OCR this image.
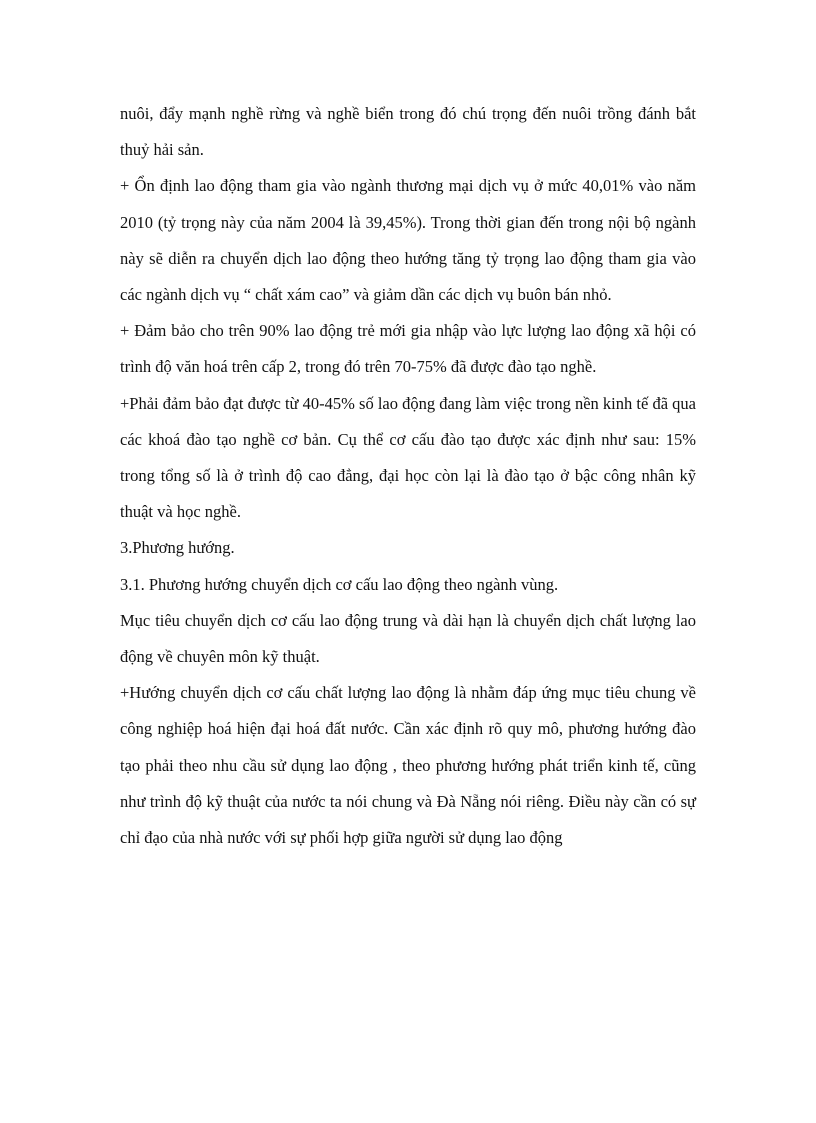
nuôi, đẩy mạnh nghề rừng và nghề biển trong đó chú trọng đến nuôi trồng đánh bắt thuỷ hải sản.

+ Ổn định lao động tham gia vào ngành thương mại dịch vụ ở mức 40,01% vào năm 2010 (tỷ trọng này của năm 2004 là 39,45%). Trong thời gian đến trong nội bộ ngành này sẽ diễn ra chuyển dịch lao động theo hướng tăng tỷ trọng lao động tham gia vào các ngành dịch vụ “ chất xám cao” và giảm dần các dịch vụ buôn bán nhỏ.

+ Đảm bảo cho trên 90% lao động trẻ mới gia nhập vào lực lượng lao động xã hội có trình độ văn hoá trên cấp 2, trong đó trên 70-75% đã được đào tạo nghề.

+Phải đảm bảo đạt được từ 40-45% số lao động đang làm việc trong nền kinh tế đã qua các khoá đào tạo nghề cơ bản. Cụ thể cơ cấu đào tạo được xác định như sau: 15% trong tổng số là ở trình độ cao đẳng, đại học còn lại là đào tạo ở bậc công nhân kỹ thuật và học nghề.

3.Phương hướng.

3.1. Phương hướng chuyển dịch cơ cấu lao động theo ngành vùng.

Mục tiêu chuyển dịch cơ cấu lao động trung và dài hạn là chuyển dịch chất lượng lao động về chuyên môn kỹ thuật.

+Hướng chuyển dịch cơ cấu chất lượng lao động là nhằm đáp ứng mục tiêu chung về công nghiệp hoá hiện đại hoá đất nước. Cần xác định rõ quy mô, phương hướng đào tạo phải theo nhu cầu sử dụng lao động , theo phương hướng phát triển kinh tế, cũng như trình độ kỹ thuật của nước ta nói chung và Đà Nẵng nói riêng. Điều này cần có sự chỉ đạo của nhà nước với sự phối hợp giữa người sử dụng lao động
